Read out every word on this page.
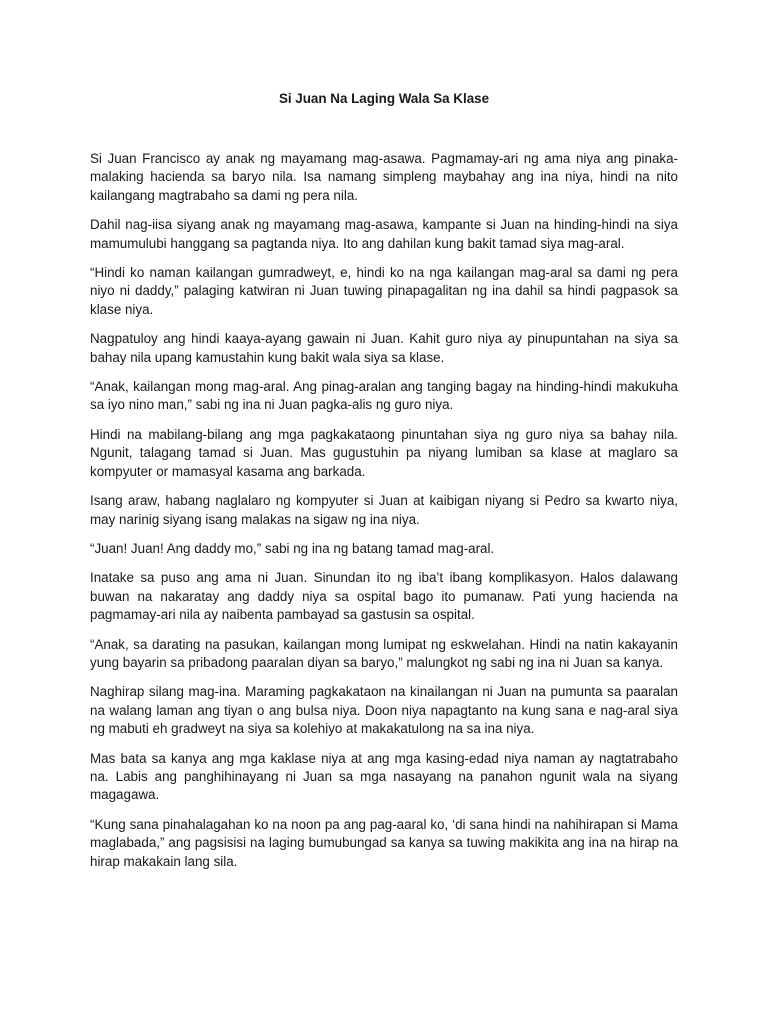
Si Juan Na Laging Wala Sa Klase

Si Juan Francisco ay anak ng mayamang mag-asawa. Pagmamay-ari ng ama niya ang pinaka-malaking hacienda sa baryo nila. Isa namang simpleng maybahay ang ina niya, hindi na nito kailangang magtrabaho sa dami ng pera nila.

Dahil nag-iisa siyang anak ng mayamang mag-asawa, kampante si Juan na hinding-hindi na siya mamumulubi hanggang sa pagtanda niya. Ito ang dahilan kung bakit tamad siya mag-aral.

“Hindi ko naman kailangan gumradweyt, e, hindi ko na nga kailangan mag-aral sa dami ng pera niyo ni daddy,” palaging katwiran ni Juan tuwing pinapagalitan ng ina dahil sa hindi pagpasok sa klase niya.

Nagpatuloy ang hindi kaaya-ayang gawain ni Juan. Kahit guro niya ay pinupuntahan na siya sa bahay nila upang kamustahin kung bakit wala siya sa klase.

“Anak, kailangan mong mag-aral. Ang pinag-aralan ang tanging bagay na hinding-hindi makukuha sa iyo nino man,” sabi ng ina ni Juan pagka-alis ng guro niya.

Hindi na mabilang-bilang ang mga pagkakataong pinuntahan siya ng guro niya sa bahay nila. Ngunit, talagang tamad si Juan. Mas gugustuhin pa niyang lumiban sa klase at maglaro sa kompyuter or mamasyal kasama ang barkada.

Isang araw, habang naglalaro ng kompyuter si Juan at kaibigan niyang si Pedro sa kwarto niya, may narinig siyang isang malakas na sigaw ng ina niya.

“Juan! Juan! Ang daddy mo,” sabi ng ina ng batang tamad mag-aral.

Inatake sa puso ang ama ni Juan. Sinundan ito ng iba’t ibang komplikasyon. Halos dalawang buwan na nakaratay ang daddy niya sa ospital bago ito pumanaw. Pati yung hacienda na pagmamay-ari nila ay naibenta pambayad sa gastusin sa ospital.

“Anak, sa darating na pasukan, kailangan mong lumipat ng eskwelahan. Hindi na natin kakayanin yung bayarin sa pribadong paaralan diyan sa baryo,” malungkot ng sabi ng ina ni Juan sa kanya.

Naghirap silang mag-ina. Maraming pagkakataon na kinailangan ni Juan na pumunta sa paaralan na walang laman ang tiyan o ang bulsa niya. Doon niya napagtanto na kung sana e nag-aral siya ng mabuti eh gradweyt na siya sa kolehiyo at makakatulong na sa ina niya.

Mas bata sa kanya ang mga kaklase niya at ang mga kasing-edad niya naman ay nagtatrabaho na. Labis ang panghihinayang ni Juan sa mga nasayang na panahon ngunit wala na siyang magagawa.

“Kung sana pinahalagahan ko na noon pa ang pag-aaral ko, ‘di sana hindi na nahihirapan si Mama maglabada,” ang pagsisisi na laging bumubungad sa kanya sa tuwing makikita ang ina na hirap na hirap makakain lang sila.
